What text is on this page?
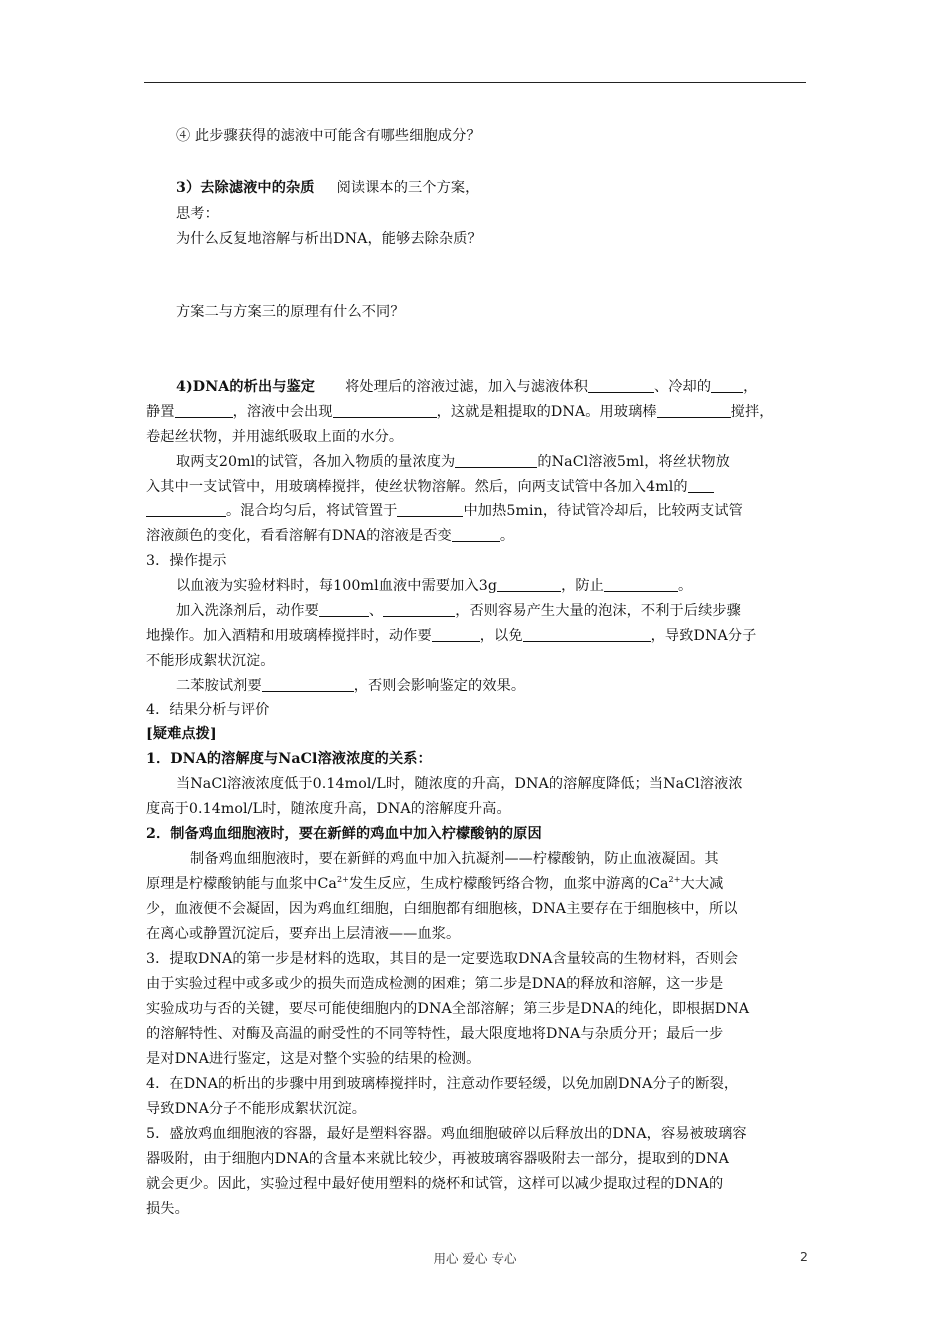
④ 此步骤获得的滤液中可能含有哪些细胞成分？
3）去除滤液中的杂质 阅读课本的三个方案，
思考：
为什么反复地溶解与析出DNA，能够去除杂质？
方案二与方案三的原理有什么不同？
4)DNA的析出与鉴定 将处理后的溶液过滤，加入与滤液体积	、冷却的 ，
静置	，溶液中会出现	，这就是粗提取的DNA。用玻璃棒	搅拌，
卷起丝状物，并用滤纸吸取上面的水分。
取两支20ml的试管，各加入物质的量浓度为	的NaCl溶液5ml，将丝状物放
入其中一支试管中，用玻璃棒搅拌，使丝状物溶解。然后，向两支试管中各加入4ml的
。混合均匀后，将试管置于	中加热5min，待试管冷却后，比较两支试管
溶液颜色的变化，看看溶解有DNA的溶液是否变	。
3．操作提示
以血液为实验材料时，每100ml血液中需要加入3g	，防止	。
加入洗涤剂后，动作要	、	，否则容易产生大量的泡沫，不利于后续步骤
地操作。加入酒精和用玻璃棒搅拌时，动作要	，以免	，导致DNA分子
不能形成絮状沉淀。
二苯胺试剂要	，否则会影响鉴定的效果。
4．结果分析与评价
[疑难点拨]
1．DNA的溶解度与NaCl溶液浓度的关系：
当NaCl溶液浓度低于0.14mol/L时，随浓度的升高，DNA的溶解度降低；当NaCl溶液浓
度高于0.14mol/L时，随浓度升高，DNA的溶解度升高。
2．制备鸡血细胞液时，要在新鲜的鸡血中加入柠檬酸钠的原因
制备鸡血细胞液时，要在新鲜的鸡血中加入抗凝剂——柠檬酸钠，防止血液凝固。其
原理是柠檬酸钠能与血浆中$Ca^{2+}$发生反应，生成柠檬酸钙络合物，血浆中游离的$Ca^{2+}$大大减
少，血液便不会凝固，因为鸡血红细胞，白细胞都有细胞核，DNA主要存在于细胞核中，所以
在离心或静置沉淀后，要弃出上层清液——血浆。
3．提取DNA的第一步是材料的选取，其目的是一定要选取DNA含量较高的生物材料，否则会
由于实验过程中或多或少的损失而造成检测的困难；第二步是DNA的释放和溶解，这一步是
实验成功与否的关键，要尽可能使细胞内的DNA全部溶解；第三步是DNA的纯化，即根据DNA
的溶解特性、对酶及高温的耐受性的不同等特性，最大限度地将DNA与杂质分开；最后一步
是对DNA进行鉴定，这是对整个实验的结果的检测。
4．在DNA的析出的步骤中用到玻璃棒搅拌时，注意动作要轻缓，以免加剧DNA分子的断裂，
导致DNA分子不能形成絮状沉淀。
5．盛放鸡血细胞液的容器，最好是塑料容器。鸡血细胞破碎以后释放出的DNA，容易被玻璃容
器吸附，由于细胞内DNA的含量本来就比较少，再被玻璃容器吸附去一部分，提取到的DNA
就会更少。因此，实验过程中最好使用塑料的烧杯和试管，这样可以减少提取过程的DNA的
损失。
用心 爱心 专心	2
